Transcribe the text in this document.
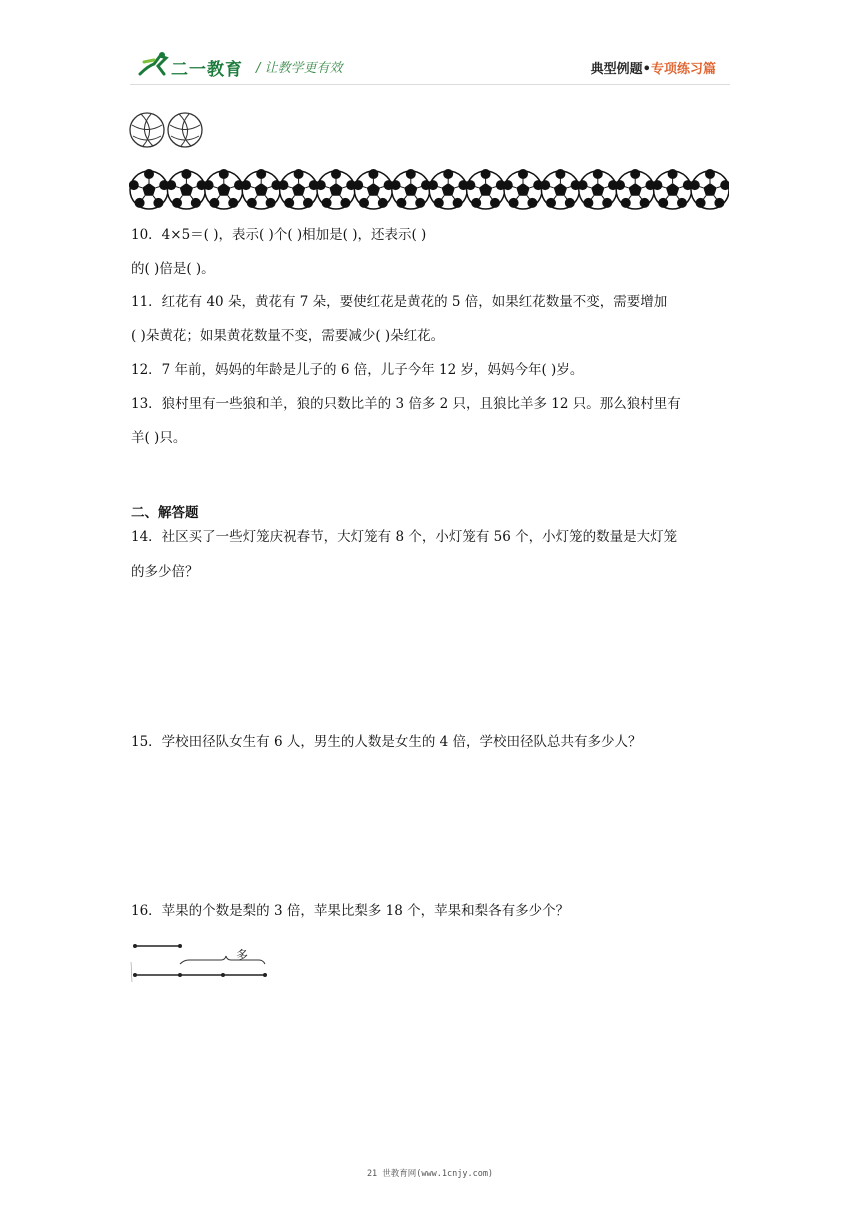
二一教育 / 让教学更有效	典型例题•专项练习篇
10．4×5＝( )，表示( )个( )相加是( )，还表示( )
的( )倍是( )。
11．红花有 40 朵，黄花有 7 朵，要使红花是黄花的 5 倍，如果红花数量不变，需要增加
( )朵黄花；如果黄花数量不变，需要减少( )朵红花。
12．7 年前，妈妈的年龄是儿子的 6 倍，儿子今年 12 岁，妈妈今年( )岁。
13．狼村里有一些狼和羊，狼的只数比羊的 3 倍多 2 只，且狼比羊多 12 只。那么狼村里有
羊( )只。
二、解答题
14．社区买了一些灯笼庆祝春节，大灯笼有 8 个，小灯笼有 56 个，小灯笼的数量是大灯笼
的多少倍？
15．学校田径队女生有 6 人，男生的人数是女生的 4 倍，学校田径队总共有多少人？
16．苹果的个数是梨的 3 倍，苹果比梨多 18 个，苹果和梨各有多少个？
多
21 世教育网(www.1cnjy.com)
